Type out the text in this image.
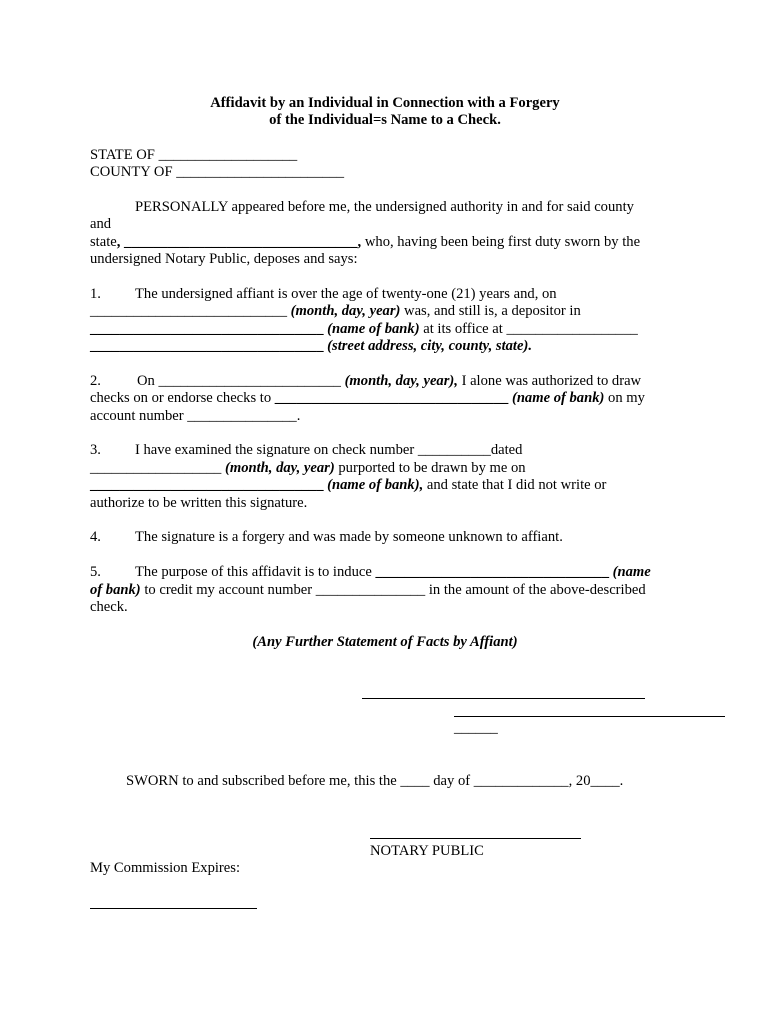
Affidavit by an Individual in Connection with a Forgery
of the Individual=s Name to a Check.
STATE OF ___________________
COUNTY OF _______________________
PERSONALLY appeared before me, the undersigned authority in and for said county
and
state, ________________________________, who, having been being first duty sworn by the
undersigned Notary Public, deposes and says:
1. The undersigned affiant is over the age of twenty-one (21) years and, on
___________________________ (month, day, year) was, and still is, a depositor in
________________________________ (name of bank) at its office at __________________
________________________________ (street address, city, county, state).
2. On _________________________ (month, day, year), I alone was authorized to draw
checks on or endorse checks to ________________________________ (name of bank) on my
account number _______________.
3. I have examined the signature on check number __________dated
__________________ (month, day, year) purported to be drawn by me on
________________________________ (name of bank), and state that I did not write or
authorize to be written this signature.
4. The signature is a forgery and was made by someone unknown to affiant.
5. The purpose of this affidavit is to induce ________________________________ (name
of bank) to credit my account number _______________ in the amount of the above-described
check.
(Any Further Statement of Facts by Affiant)
______
SWORN to and subscribed before me, this the ____ day of _____________, 20____.
NOTARY PUBLIC
My Commission Expires:
